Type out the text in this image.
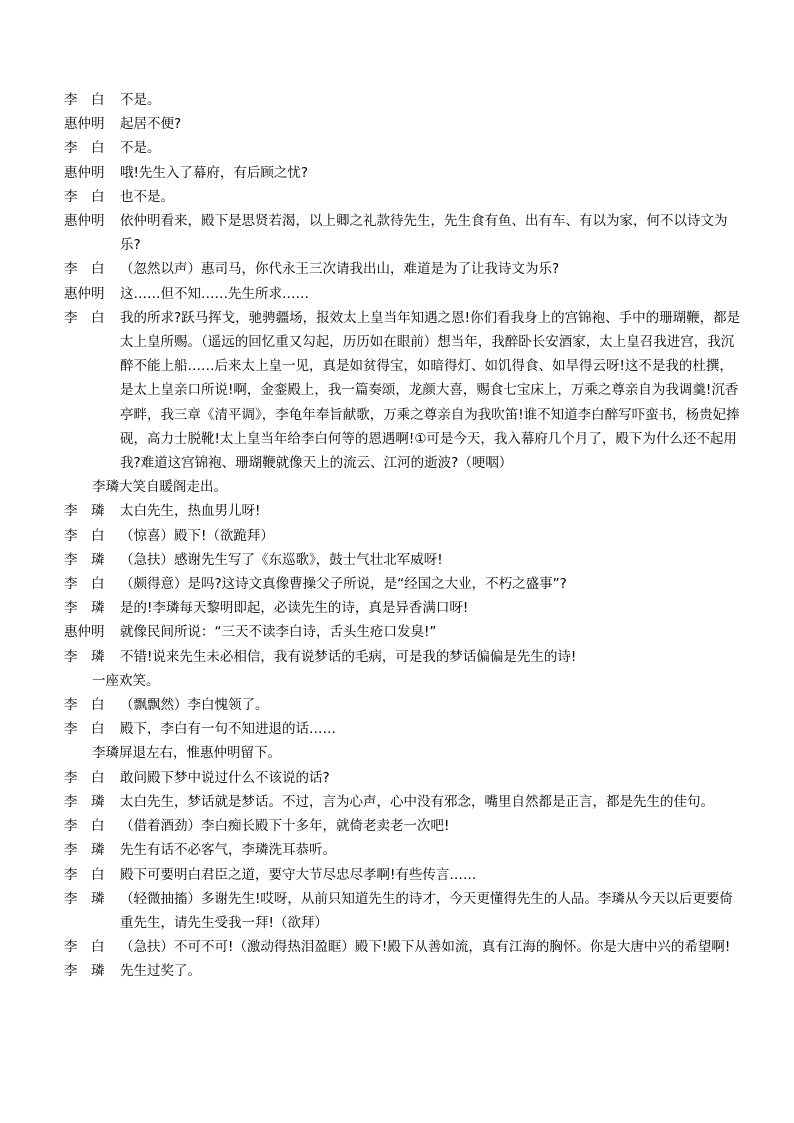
李　白	不是。
惠仲明	起居不便?
李　白	不是。
惠仲明	哦!先生入了幕府，有后顾之忧?
李　白	也不是。
惠仲明	依仲明看来，殿下是思贤若渴，以上卿之礼款待先生，先生食有鱼、出有车、有以为家，何不以诗文为乐?
李　白	（忽然以声）惠司马，你代永王三次请我出山，难道是为了让我诗文为乐?
惠仲明	这……但不知……先生所求……
李　白	我的所求?跃马挥戈，驰骋疆场，报效太上皇当年知遇之恩!你们看我身上的宫锦袍、手中的珊瑚鞭，都是太上皇所赐。（遥远的回忆重又勾起，历历如在眼前）想当年，我醉卧长安酒家，太上皇召我进宫，我沉醉不能上船……后来太上皇一见，真是如贫得宝，如暗得灯、如饥得食、如旱得云呀!这不是我的杜撰，是太上皇亲口所说!啊，金銮殿上，我一篇奏颂，龙颜大喜，赐食七宝床上，万乘之尊亲自为我调羹!沉香亭畔，我三章《清平调》，李龟年奉旨献歌，万乘之尊亲自为我吹笛!谁不知道李白醉写吓蛮书，杨贵妃捧砚，高力士脱靴!太上皇当年给李白何等的恩遇啊!①可是今天，我入幕府几个月了，殿下为什么还不起用我?难道这宫锦袍、珊瑚鞭就像天上的流云、江河的逝波?（哽咽）
李璘大笑自暖阁走出。
李　璘	太白先生，热血男儿呀!
李　白	（惊喜）殿下!（欲跪拜）
李　璘	（急扶）感谢先生写了《东巡歌》，鼓士气壮北军威呀!
李　白	（颇得意）是吗?这诗文真像曹操父子所说，是“经国之大业，不朽之盛事”?
李　璘	是的!李璘每天黎明即起，必读先生的诗，真是异香满口呀!
惠仲明	就像民间所说：“三天不读李白诗，舌头生疮口发臭!”
李　璘	不错!说来先生未必相信，我有说梦话的毛病，可是我的梦话偏偏是先生的诗!
一座欢笑。
李　白	（飘飘然）李白愧领了。
李　白	殿下，李白有一句不知进退的话……
李璘屏退左右，惟惠仲明留下。
李　白	敢问殿下梦中说过什么不该说的话?
李　璘	太白先生，梦话就是梦话。不过，言为心声，心中没有邪念，嘴里自然都是正言，都是先生的佳句。
李　白	（借着酒劲）李白痴长殿下十多年，就倚老卖老一次吧!
李　璘	先生有话不必客气，李璘洗耳恭听。
李　白	殿下可要明白君臣之道，要守大节尽忠尽孝啊!有些传言……
李　璘	（轻微抽搐）多谢先生!哎呀，从前只知道先生的诗才，今天更懂得先生的人品。李璘从今天以后更要倚重先生，请先生受我一拜!（欲拜）
李　白	（急扶）不可不可!（激动得热泪盈眶）殿下!殿下从善如流，真有江海的胸怀。你是大唐中兴的希望啊!
李　璘	先生过奖了。
